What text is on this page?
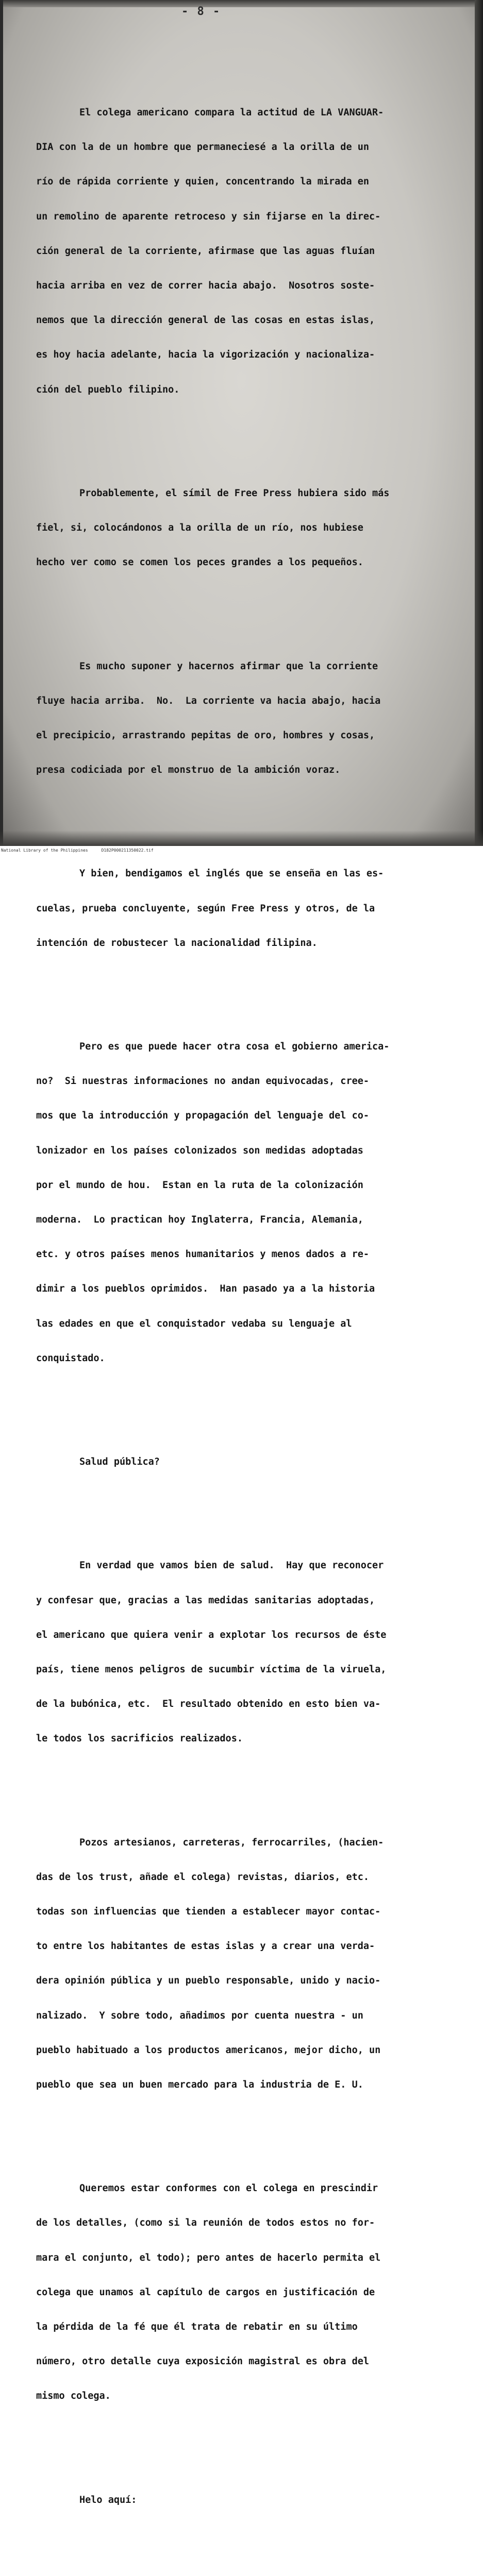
- 8 -

El colega americano compara la actitud de LA VANGUAR-

DIA con la de un hombre que permaneciesé a la orilla de un

río de rápida corriente y quien, concentrando la mirada en

un remolino de aparente retroceso y sin fijarse en la direc-

ción general de la corriente, afirmase que las aguas fluían

hacia arriba en vez de correr hacia abajo.  Nosotros soste-

nemos que la dirección general de las cosas en estas islas,

es hoy hacia adelante, hacia la vigorización y nacionaliza-

ción del pueblo filipino.

Probablemente, el símil de Free Press hubiera sido más

fiel, si, colocándonos a la orilla de un río, nos hubiese

hecho ver como se comen los peces grandes a los pequeños.

Es mucho suponer y hacernos afirmar que la corriente

fluye hacia arriba.  No.  La corriente va hacia abajo, hacia

el precipicio, arrastrando pepitas de oro, hombres y cosas,

presa codiciada por el monstruo de la ambición voraz.

Y bien, bendigamos el inglés que se enseña en las es-

cuelas, prueba concluyente, según Free Press y otros, de la

intención de robustecer la nacionalidad filipina.

Pero es que puede hacer otra cosa el gobierno america-

no?  Si nuestras informaciones no andan equivocadas, cree-

mos que la introducción y propagación del lenguaje del co-

lonizador en los países colonizados son medidas adoptadas

por el mundo de hou.  Estan en la ruta de la colonización

moderna.  Lo practican hoy Inglaterra, Francia, Alemania,

etc. y otros países menos humanitarios y menos dados a re-

dimir a los pueblos oprimidos.  Han pasado ya a la historia

las edades en que el conquistador vedaba su lenguaje al

conquistado.

Salud pública?

En verdad que vamos bien de salud.  Hay que reconocer

y confesar que, gracias a las medidas sanitarias adoptadas,

el americano que quiera venir a explotar los recursos de éste

país, tiene menos peligros de sucumbir víctima de la viruela,

de la bubónica, etc.  El resultado obtenido en esto bien va-

le todos los sacrificios realizados.

Pozos artesianos, carreteras, ferrocarriles, (hacien-

das de los trust, añade el colega) revistas, diarios, etc.

todas son influencias que tienden a establecer mayor contac-

to entre los habitantes de estas islas y a crear una verda-

dera opinión pública y un pueblo responsable, unido y nacio-

nalizado.  Y sobre todo, añadimos por cuenta nuestra - un

pueblo habituado a los productos americanos, mejor dicho, un

pueblo que sea un buen mercado para la industria de E. U.

Queremos estar conformes con el colega en prescindir

de los detalles, (como si la reunión de todos estos no for-

mara el conjunto, el todo); pero antes de hacerlo permita el

colega que unamos al capítulo de cargos en justificación de

la pérdida de la fé que él trata de rebatir en su último

número, otro detalle cuya exposición magistral es obra del

mismo colega.

Helo aquí:

National Library of the Philippines	D182P000211350022.tif
